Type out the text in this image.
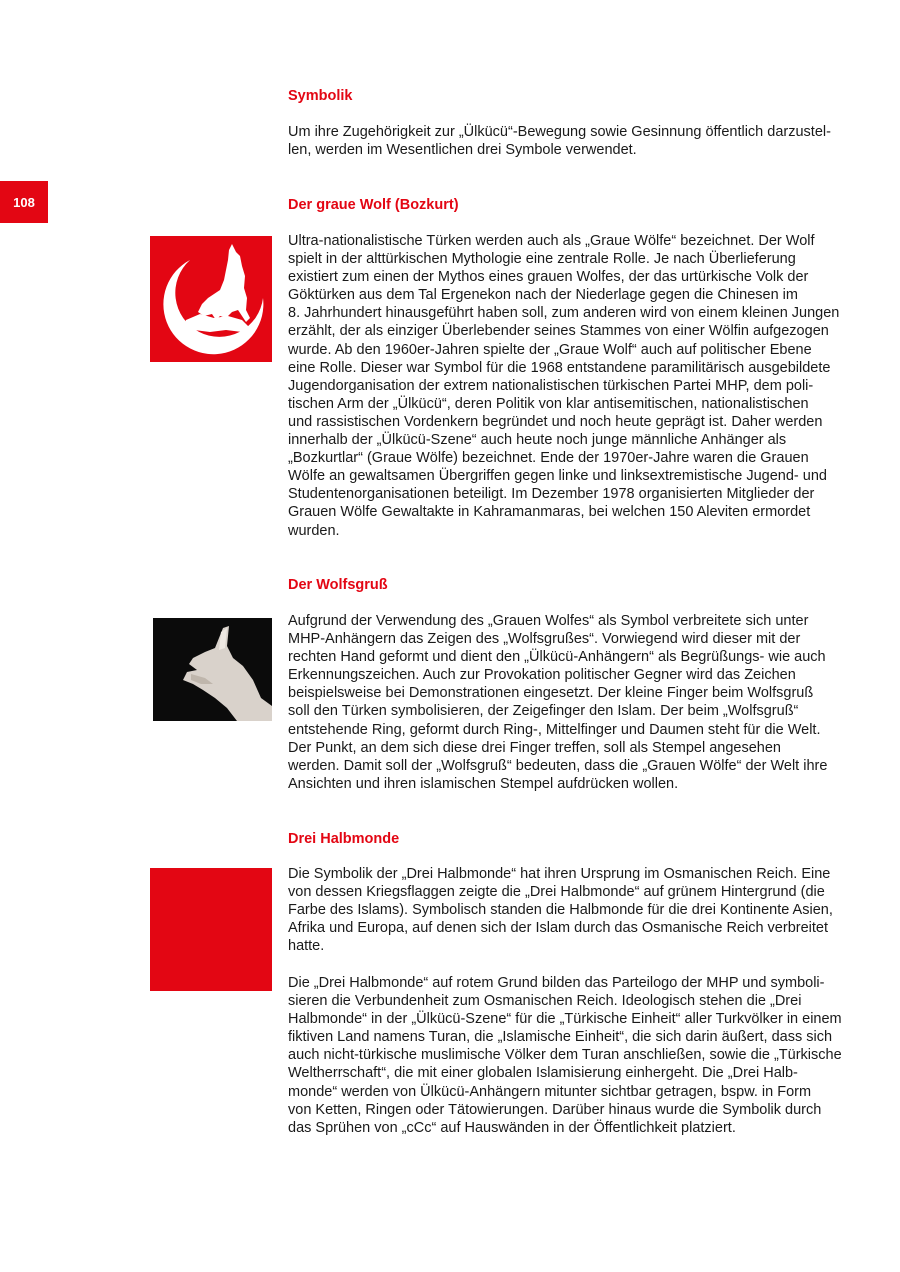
108
Symbolik

Um ihre Zugehörigkeit zur „Ülkücü“-Bewegung sowie Gesinnung öffentlich darzustel-
len, werden im Wesentlichen drei Symbole verwendet.

Der graue Wolf (Bozkurt)

Ultra-nationalistische Türken werden auch als „Graue Wölfe“ bezeichnet. Der Wolf
spielt in der alttürkischen Mythologie eine zentrale Rolle. Je nach Überlieferung
existiert zum einen der Mythos eines grauen Wolfes, der das urtürkische Volk der
Göktürken aus dem Tal Ergenekon nach der Niederlage gegen die Chinesen im
8. Jahrhundert hinausgeführt haben soll, zum anderen wird von einem kleinen Jungen
erzählt, der als einziger Überlebender seines Stammes von einer Wölfin aufgezogen
wurde. Ab den 1960er-Jahren spielte der „Graue Wolf“ auch auf politischer Ebene
eine Rolle. Dieser war Symbol für die 1968 entstandene paramilitärisch ausgebildete
Jugendorganisation der extrem nationalistischen türkischen Partei MHP, dem poli-
tischen Arm der „Ülkücü“, deren Politik von klar antisemitischen, nationalistischen
und rassistischen Vordenkern begründet und noch heute geprägt ist. Daher werden
innerhalb der „Ülkücü-Szene“ auch heute noch junge männliche Anhänger als
„Bozkurtlar“ (Graue Wölfe) bezeichnet. Ende der 1970er-Jahre waren die Grauen
Wölfe an gewaltsamen Übergriffen gegen linke und linksextremistische Jugend- und
Studentenorganisationen beteiligt. Im Dezember 1978 organisierten Mitglieder der
Grauen Wölfe Gewaltakte in Kahramanmaras, bei welchen 150 Aleviten ermordet
wurden.

Der Wolfsgruß

Aufgrund der Verwendung des „Grauen Wolfes“ als Symbol verbreitete sich unter
MHP-Anhängern das Zeigen des „Wolfsgrußes“. Vorwiegend wird dieser mit der
rechten Hand geformt und dient den „Ülkücü-Anhängern“ als Begrüßungs- wie auch
Erkennungszeichen. Auch zur Provokation politischer Gegner wird das Zeichen
beispielsweise bei Demonstrationen eingesetzt. Der kleine Finger beim Wolfsgruß
soll den Türken symbolisieren, der Zeigefinger den Islam. Der beim „Wolfsgruß“
entstehende Ring, geformt durch Ring-, Mittelfinger und Daumen steht für die Welt.
Der Punkt, an dem sich diese drei Finger treffen, soll als Stempel angesehen
werden. Damit soll der „Wolfsgruß“ bedeuten, dass die „Grauen Wölfe“ der Welt ihre
Ansichten und ihren islamischen Stempel aufdrücken wollen.

Drei Halbmonde

Die Symbolik der „Drei Halbmonde“ hat ihren Ursprung im Osmanischen Reich. Eine
von dessen Kriegsflaggen zeigte die „Drei Halbmonde“ auf grünem Hintergrund (die
Farbe des Islams). Symbolisch standen die Halbmonde für die drei Kontinente Asien,
Afrika und Europa, auf denen sich der Islam durch das Osmanische Reich verbreitet
hatte.

Die „Drei Halbmonde“ auf rotem Grund bilden das Parteilogo der MHP und symboli-
sieren die Verbundenheit zum Osmanischen Reich. Ideologisch stehen die „Drei
Halbmonde“ in der „Ülkücü-Szene“ für die „Türkische Einheit“ aller Turkvölker in einem
fiktiven Land namens Turan, die „Islamische Einheit“, die sich darin äußert, dass sich
auch nicht-türkische muslimische Völker dem Turan anschließen, sowie die „Türkische
Weltherrschaft“, die mit einer globalen Islamisierung einhergeht. Die „Drei Halb-
monde“ werden von Ülkücü-Anhängern mitunter sichtbar getragen, bspw. in Form
von Ketten, Ringen oder Tätowierungen. Darüber hinaus wurde die Symbolik durch
das Sprühen von „cCc“ auf Hauswänden in der Öffentlichkeit platziert.
